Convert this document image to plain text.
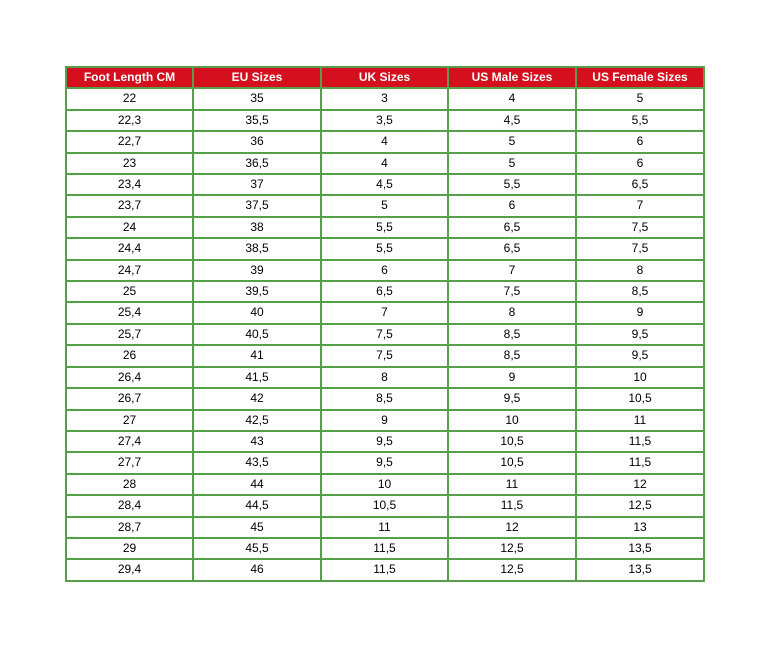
Foot Length CM	EU Sizes	UK Sizes	US Male Sizes	US Female Sizes
22	35	3	4	5
22,3	35,5	3,5	4,5	5,5
22,7	36	4	5	6
23	36,5	4	5	6
23,4	37	4,5	5,5	6,5
23,7	37,5	5	6	7
24	38	5,5	6,5	7,5
24,4	38,5	5,5	6,5	7,5
24,7	39	6	7	8
25	39,5	6,5	7,5	8,5
25,4	40	7	8	9
25,7	40,5	7,5	8,5	9,5
26	41	7,5	8,5	9,5
26,4	41,5	8	9	10
26,7	42	8,5	9,5	10,5
27	42,5	9	10	11
27,4	43	9,5	10,5	11,5
27,7	43,5	9,5	10,5	11,5
28	44	10	11	12
28,4	44,5	10,5	11,5	12,5
28,7	45	11	12	13
29	45,5	11,5	12,5	13,5
29,4	46	11,5	12,5	13,5
